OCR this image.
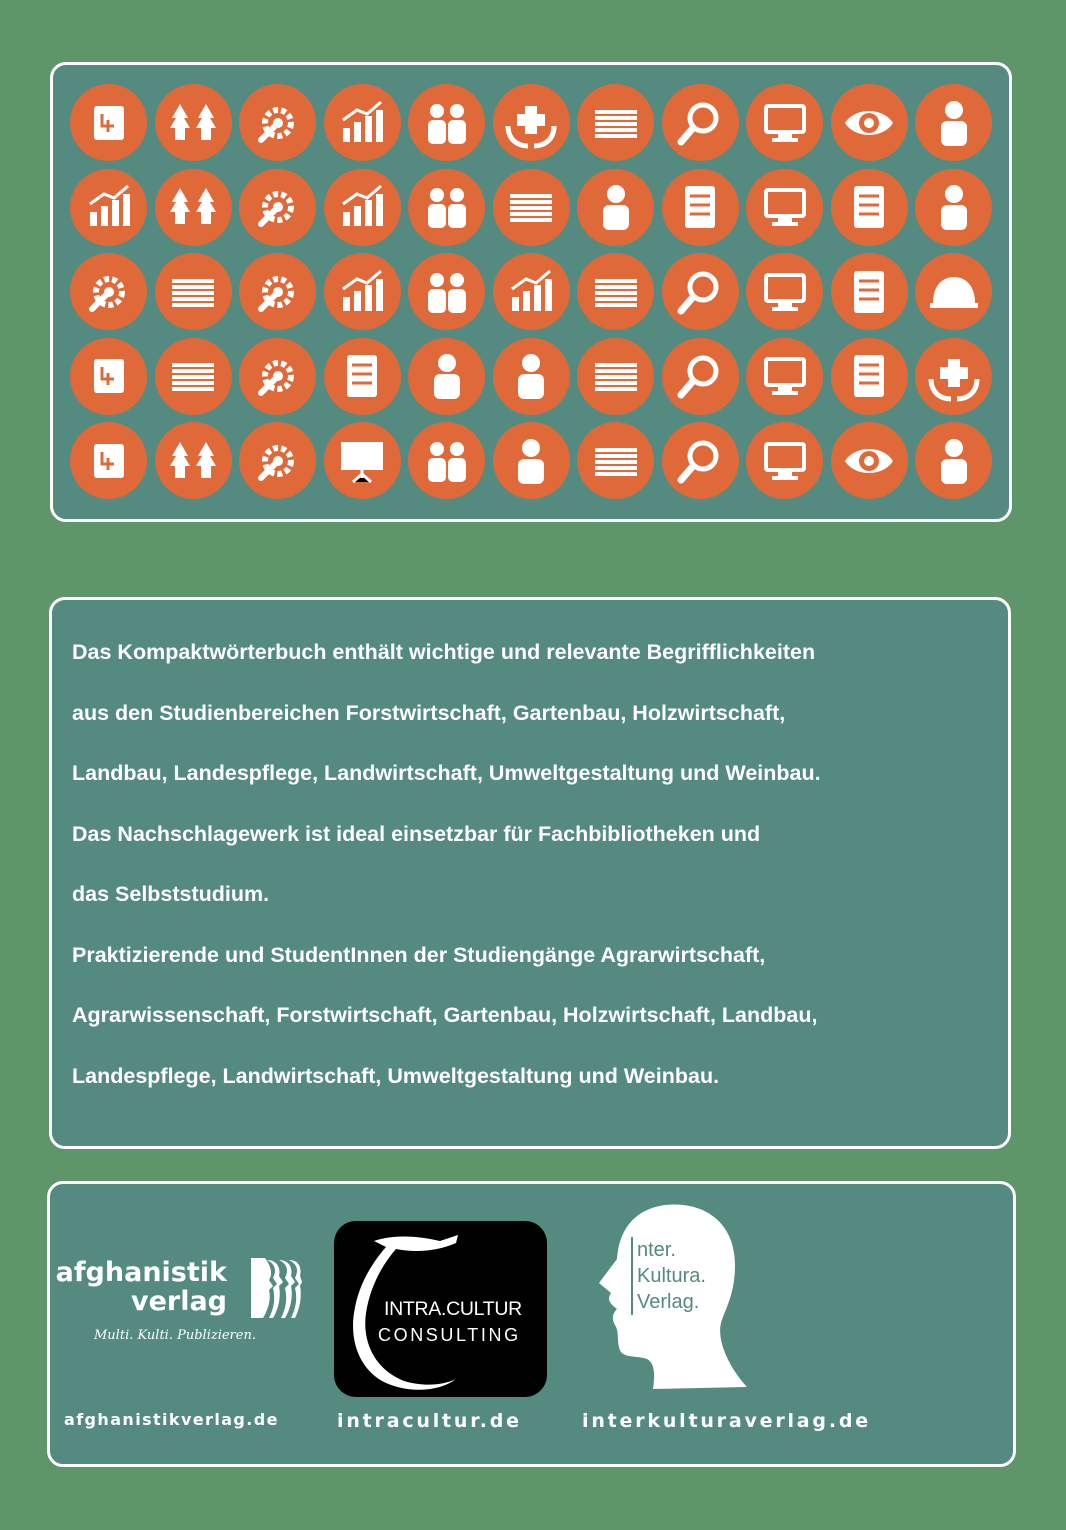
Das Kompaktwörterbuch enthält wichtige und relevante Begrifflichkeiten
aus den Studienbereichen Forstwirtschaft, Gartenbau, Holzwirtschaft,
Landbau, Landespflege, Landwirtschaft, Umweltgestaltung und Weinbau.
Das Nachschlagewerk ist ideal einsetzbar für Fachbibliotheken und
das Selbststudium.
Praktizierende und StudentInnen der Studiengänge Agrarwirtschaft,
Agrarwissenschaft, Forstwirtschaft, Gartenbau, Holzwirtschaft, Landbau,
Landespflege, Landwirtschaft, Umweltgestaltung und Weinbau.

afghanistik
verlag
Multi. Kulti. Publizieren.
INTRA.CULTUR
CONSULTING
nter.
Kultura.
Verlag.
afghanistikverlag.de	intracultur.de	interkulturaverlag.de
